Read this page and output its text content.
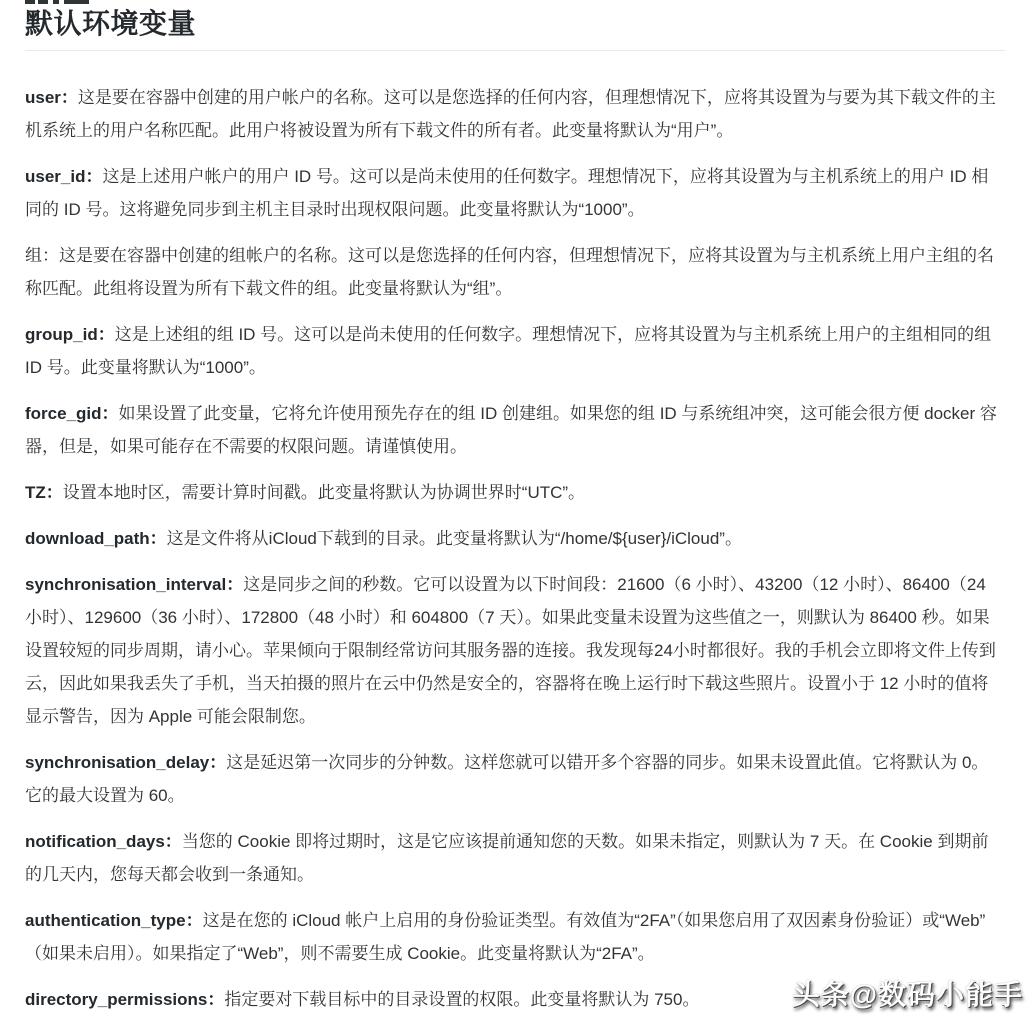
默认环境变量

user：这是要在容器中创建的用户帐户的名称。这可以是您选择的任何内容，但理想情况下，应将其设置为与要为其下载文件的主机系统上的用户名称匹配。此用户将被设置为所有下载文件的所有者。此变量将默认为“用户”。

user_id：这是上述用户帐户的用户 ID 号。这可以是尚未使用的任何数字。理想情况下，应将其设置为与主机系统上的用户 ID 相同的 ID 号。这将避免同步到主机主目录时出现权限问题。此变量将默认为“1000”。

组：这是要在容器中创建的组帐户的名称。这可以是您选择的任何内容，但理想情况下，应将其设置为与主机系统上用户主组的名称匹配。此组将设置为所有下载文件的组。此变量将默认为“组”。

group_id：这是上述组的组 ID 号。这可以是尚未使用的任何数字。理想情况下，应将其设置为与主机系统上用户的主组相同的组 ID 号。此变量将默认为“1000”。

force_gid：如果设置了此变量，它将允许使用预先存在的组 ID 创建组。如果您的组 ID 与系统组冲突，这可能会很方便 docker 容器，但是，如果可能存在不需要的权限问题。请谨慎使用。

TZ：设置本地时区，需要计算时间戳。此变量将默认为协调世界时“UTC”。

download_path：这是文件将从iCloud下载到的目录。此变量将默认为“/home/${user}/iCloud”。

synchronisation_interval：这是同步之间的秒数。它可以设置为以下时间段：21600（6 小时）、43200（12 小时）、86400（24 小时）、129600（36 小时）、172800（48 小时）和 604800（7 天）。如果此变量未设置为这些值之一，则默认为 86400 秒。如果设置较短的同步周期，请小心。苹果倾向于限制经常访问其服务器的连接。我发现每24小时都很好。我的手机会立即将文件上传到云，因此如果我丢失了手机，当天拍摄的照片在云中仍然是安全的，容器将在晚上运行时下载这些照片。设置小于 12 小时的值将显示警告，因为 Apple 可能会限制您。

synchronisation_delay：这是延迟第一次同步的分钟数。这样您就可以错开多个容器的同步。如果未设置此值。它将默认为 0。它的最大设置为 60。

notification_days：当您的 Cookie 即将过期时，这是它应该提前通知您的天数。如果未指定，则默认为 7 天。在 Cookie 到期前的几天内，您每天都会收到一条通知。

authentication_type：这是在您的 iCloud 帐户上启用的身份验证类型。有效值为“2FA”（如果您启用了双因素身份验证）或“Web”（如果未启用）。如果指定了“Web”，则不需要生成 Cookie。此变量将默认为“2FA”。

directory_permissions：指定要对下载目标中的目录设置的权限。此变量将默认为 750。	头条@数码小能手
